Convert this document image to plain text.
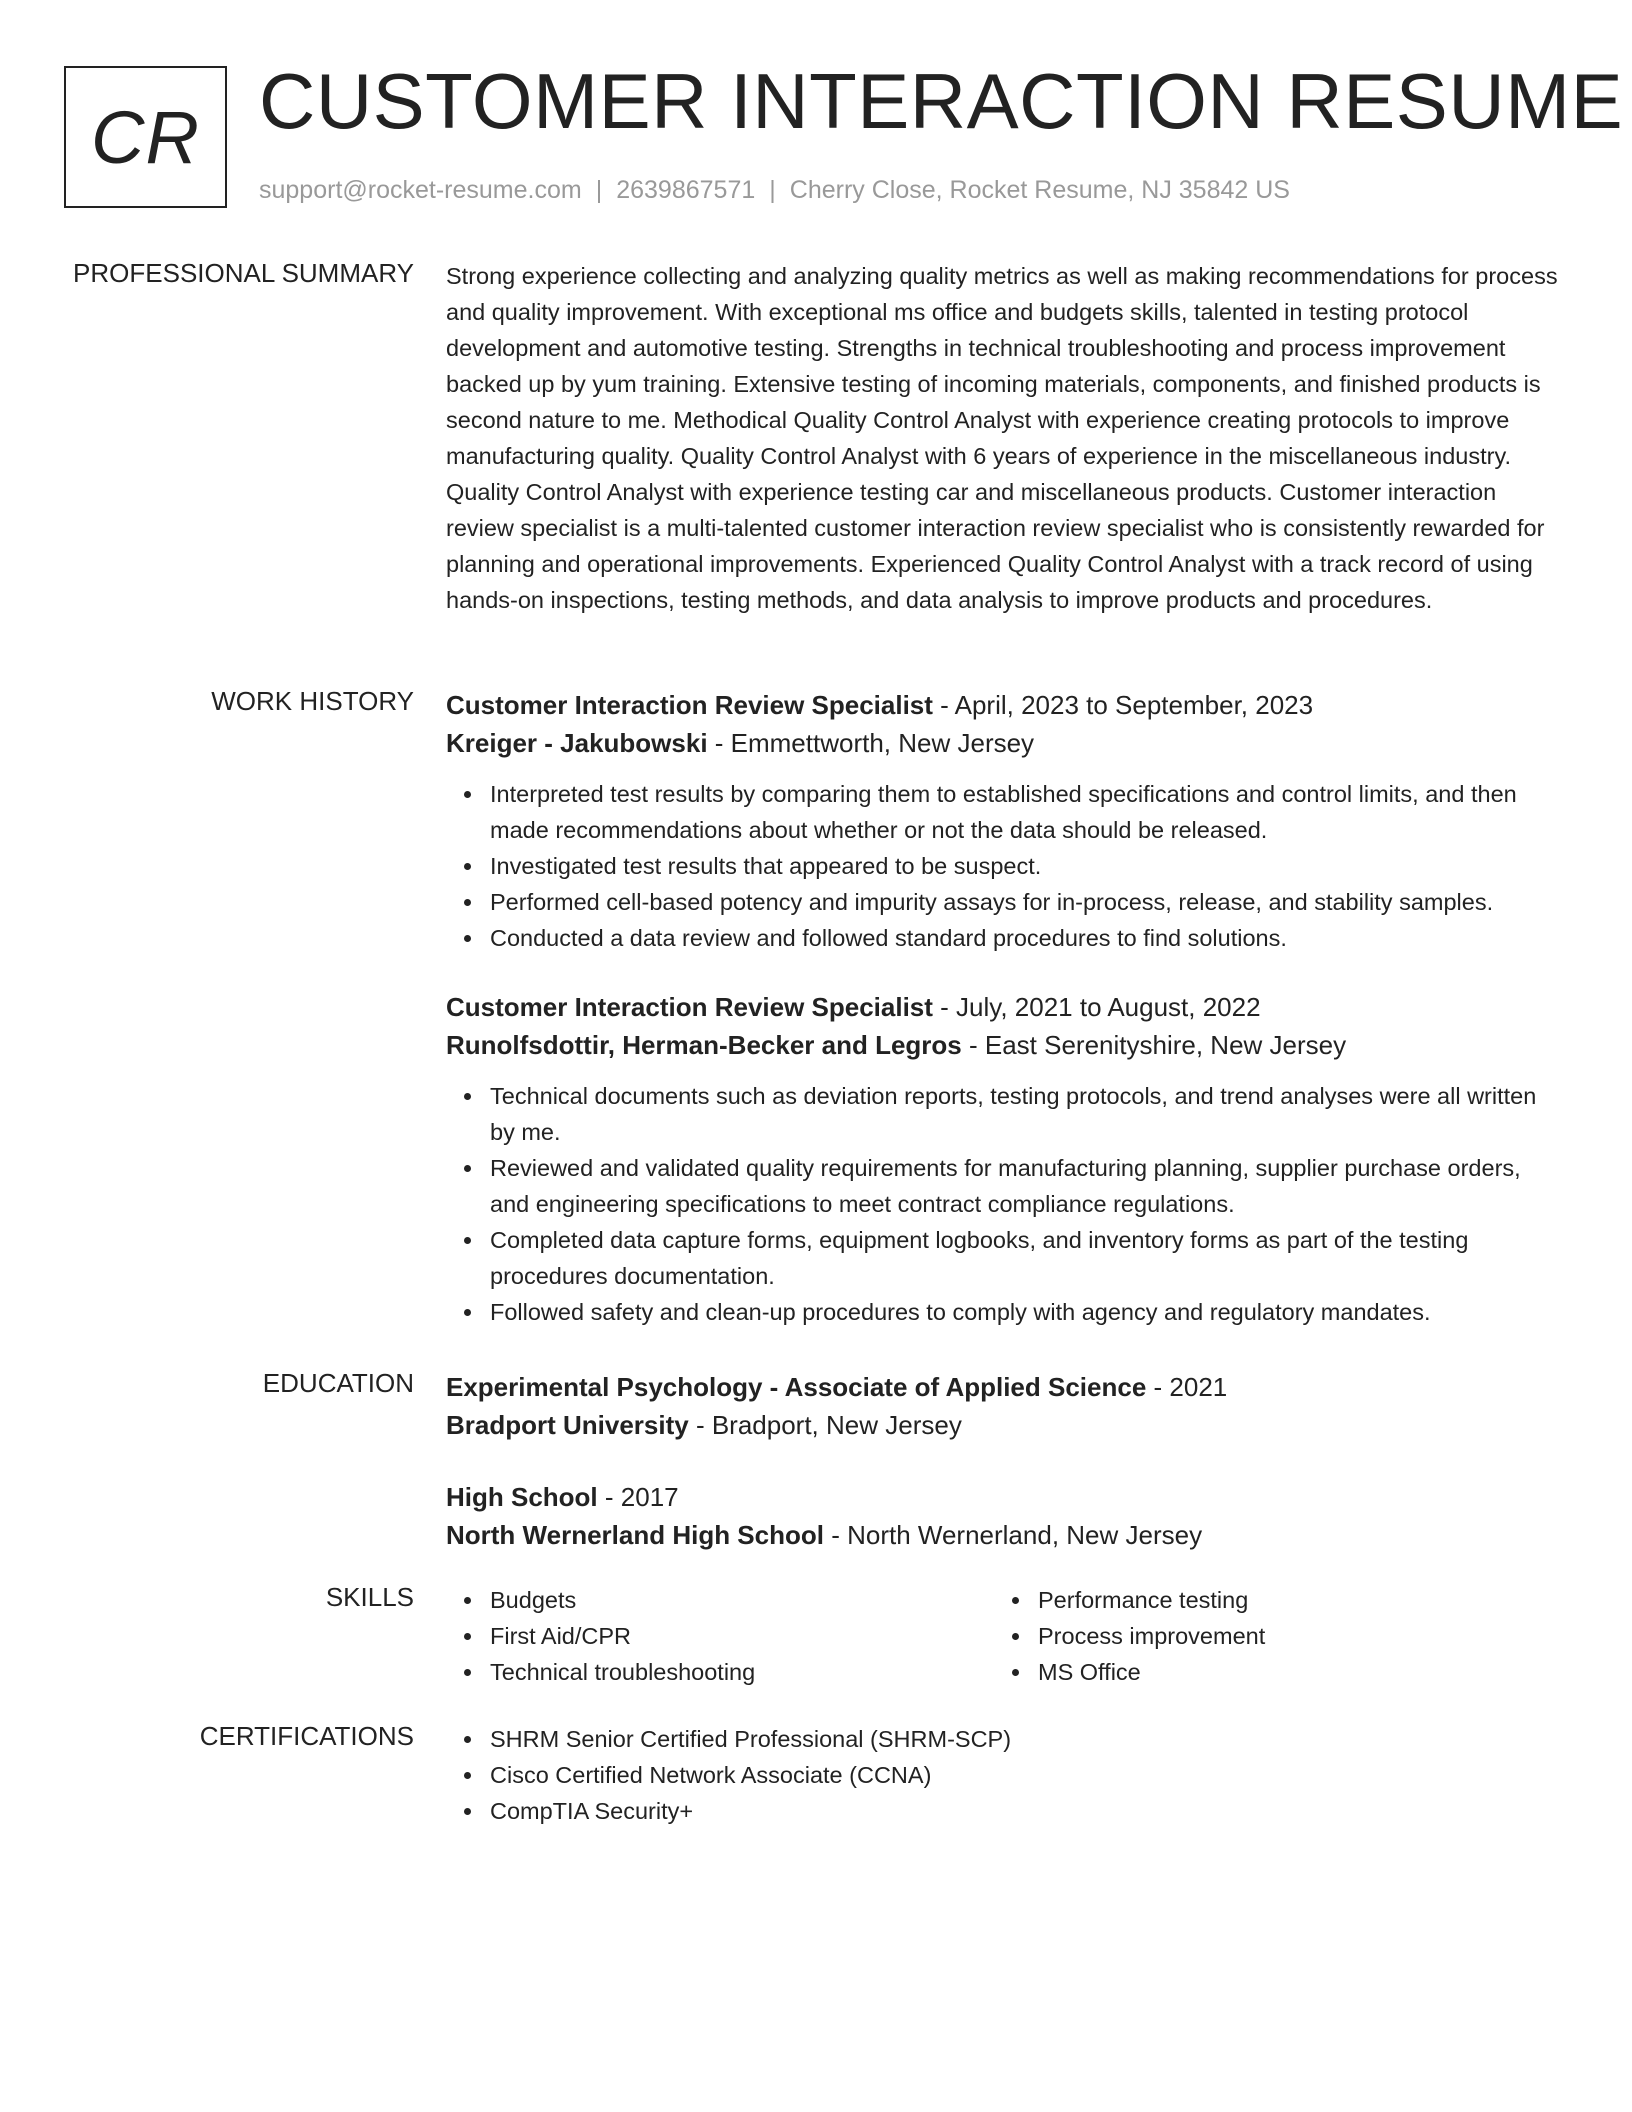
CR CUSTOMER INTERACTION RESUME
support@rocket-resume.com | 2639867571 | Cherry Close, Rocket Resume, NJ 35842 US
PROFESSIONAL SUMMARY Strong experience collecting and analyzing quality metrics as well as making recommendations for process and quality improvement. With exceptional ms office and budgets skills, talented in testing protocol development and automotive testing. Strengths in technical troubleshooting and process improvement backed up by yum training. Extensive testing of incoming materials, components, and finished products is second nature to me. Methodical Quality Control Analyst with experience creating protocols to improve manufacturing quality. Quality Control Analyst with 6 years of experience in the miscellaneous industry. Quality Control Analyst with experience testing car and miscellaneous products. Customer interaction review specialist is a multi-talented customer interaction review specialist who is consistently rewarded for planning and operational improvements. Experienced Quality Control Analyst with a track record of using hands-on inspections, testing methods, and data analysis to improve products and procedures.

WORK HISTORY Customer Interaction Review Specialist - April, 2023 to September, 2023
Kreiger - Jakubowski - Emmettworth, New Jersey
Interpreted test results by comparing them to established specifications and control limits, and then made recommendations about whether or not the data should be released.
Investigated test results that appeared to be suspect.
Performed cell-based potency and impurity assays for in-process, release, and stability samples.
Conducted a data review and followed standard procedures to find solutions.
Customer Interaction Review Specialist - July, 2021 to August, 2022
Runolfsdottir, Herman-Becker and Legros - East Serenityshire, New Jersey
Technical documents such as deviation reports, testing protocols, and trend analyses were all written by me.
Reviewed and validated quality requirements for manufacturing planning, supplier purchase orders, and engineering specifications to meet contract compliance regulations.
Completed data capture forms, equipment logbooks, and inventory forms as part of the testing procedures documentation.
Followed safety and clean-up procedures to comply with agency and regulatory mandates.
EDUCATION Experimental Psychology - Associate of Applied Science - 2021
Bradport University - Bradport, New Jersey
High School - 2017
North Wernerland High School - North Wernerland, New Jersey
SKILLS	Budgets
First Aid/CPR
Technical troubleshooting
Performance testing
Process improvement
MS Office
CERTIFICATIONS	SHRM Senior Certified Professional (SHRM-SCP)
Cisco Certified Network Associate (CCNA)
CompTIA Security+
